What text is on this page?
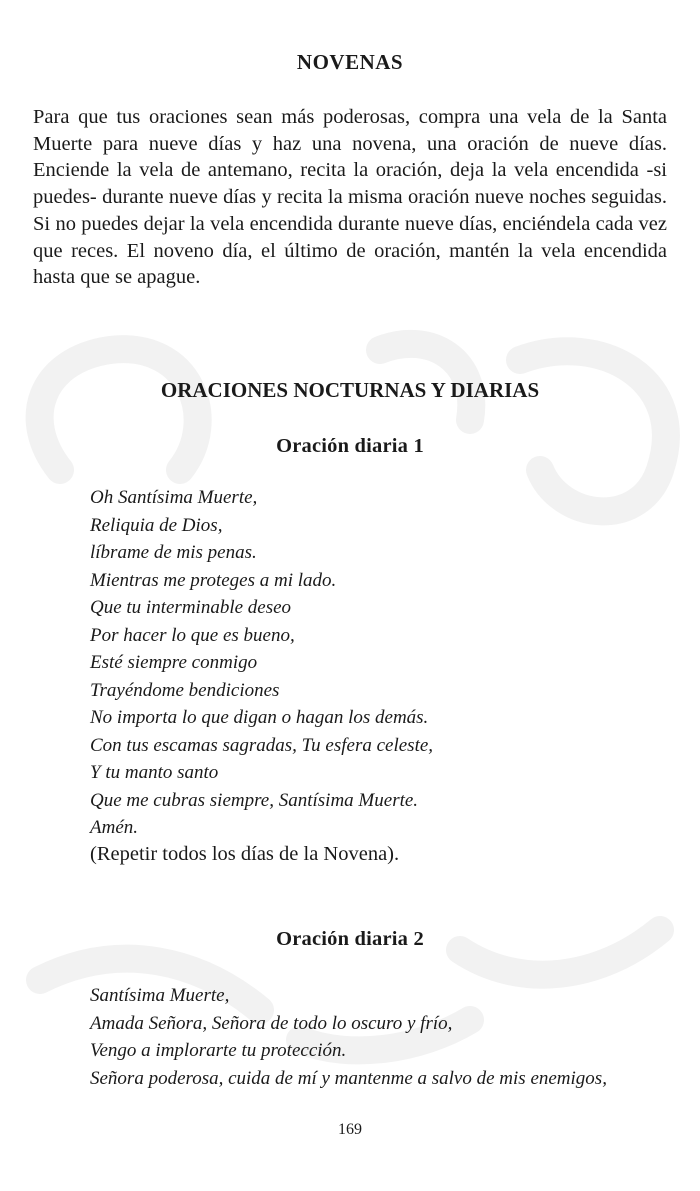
NOVENAS

Para que tus oraciones sean más poderosas, compra una vela de la Santa Muerte para nueve días y haz una novena, una oración de nueve días. Enciende la vela de antemano, recita la oración, deja la vela encendida -si puedes- durante nueve días y recita la misma oración nueve noches seguidas. Si no puedes dejar la vela encendida durante nueve días, enciéndela cada vez que reces. El noveno día, el último de oración, mantén la vela encendida hasta que se apague.

ORACIONES NOCTURNAS Y DIARIAS
Oración diaria 1
Oh Santísima Muerte,
Reliquia de Dios,
líbrame de mis penas.
Mientras me proteges a mi lado.
Que tu interminable deseo
Por hacer lo que es bueno,
Esté siempre conmigo
Trayéndome bendiciones
No importa lo que digan o hagan los demás.
Con tus escamas sagradas, Tu esfera celeste,
Y tu manto santo
Que me cubras siempre, Santísima Muerte.
Amén.

(Repetir todos los días de la Novena).

Oración diaria 2
Santísima Muerte,
Amada Señora, Señora de todo lo oscuro y frío,
Vengo a implorarte tu protección.
Señora poderosa, cuida de mí y mantenme a salvo de mis enemigos,
169
